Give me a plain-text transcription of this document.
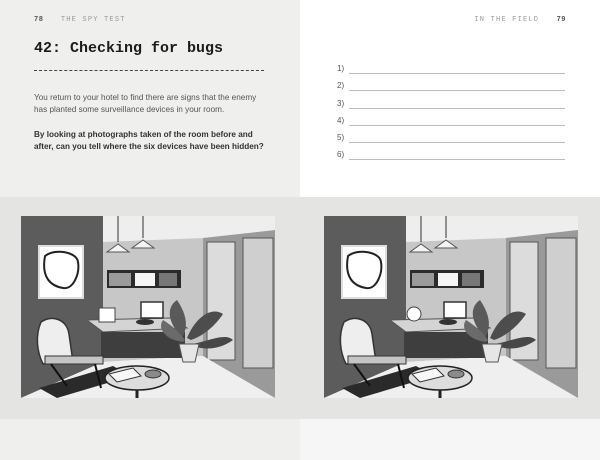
78 THE SPY TEST	IN THE FIELD 79
42: Checking for bugs

You return to your hotel to find there are signs that the enemy has planted some surveillance devices in your room.

By looking at photographs taken of the room before and after, can you tell where the six devices have been hidden?

1)
2)
3)
4)
5)
6)
